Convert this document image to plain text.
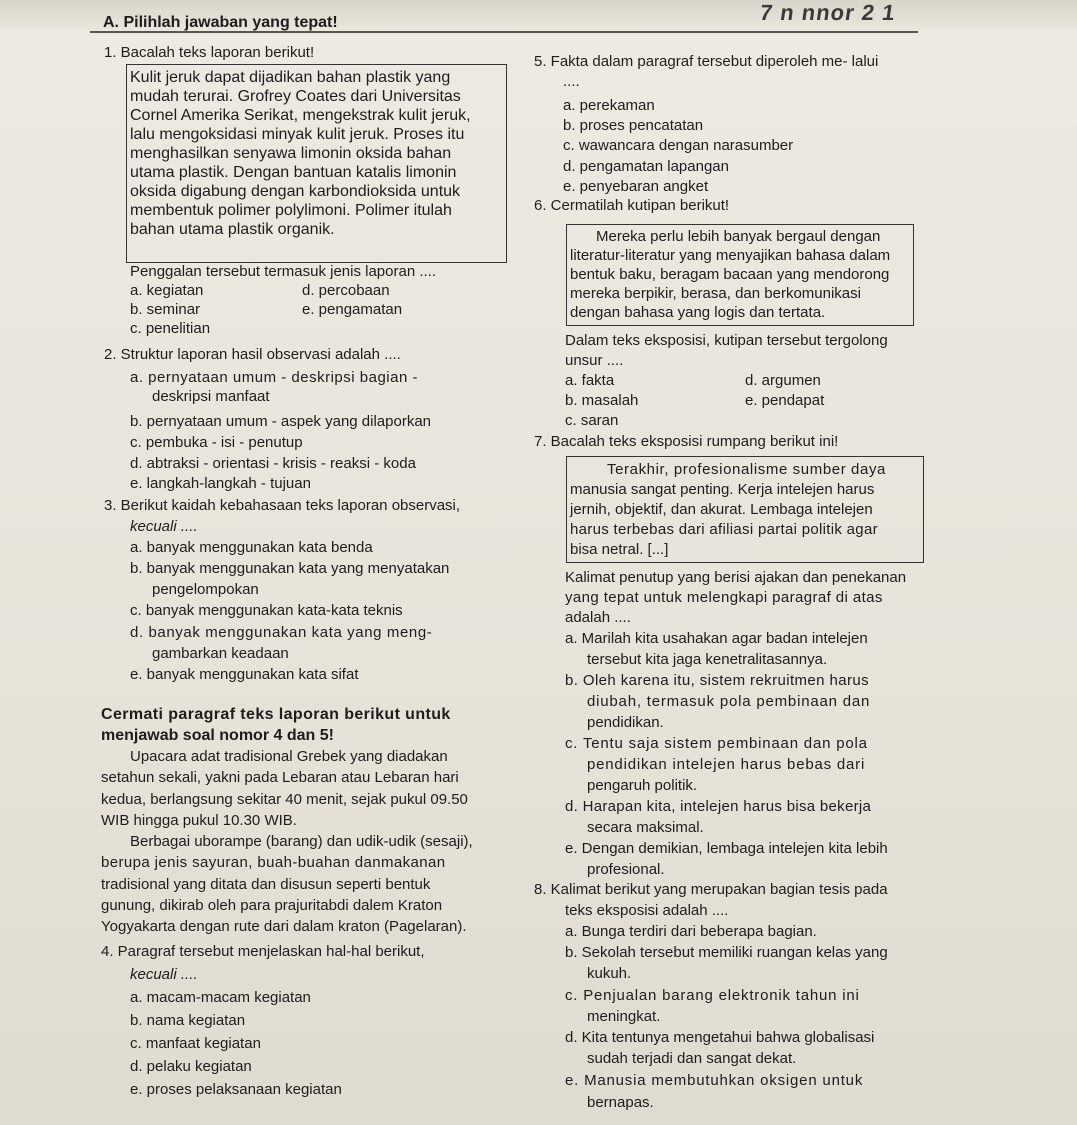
7 n nnor 2 1
A. Pilihlah jawaban yang tepat!
1. Bacalah teks laporan berikut!
Kulit jeruk dapat dijadikan bahan plastik yang
mudah terurai. Grofrey Coates dari Universitas
Cornel Amerika Serikat, mengekstrak kulit jeruk,
lalu mengoksidasi minyak kulit jeruk. Proses itu
menghasilkan senyawa limonin oksida bahan
utama plastik. Dengan bantuan katalis limonin
oksida digabung dengan karbondioksida untuk
membentuk polimer polylimoni. Polimer itulah
bahan utama plastik organik.
Penggalan tersebut termasuk jenis laporan ....
a. kegiatan	d. percobaan
b. seminar	e. pengamatan
c. penelitian
2. Struktur laporan hasil observasi adalah ....
a. pernyataan umum - deskripsi bagian -
deskripsi manfaat
b. pernyataan umum - aspek yang dilaporkan
c. pembuka - isi - penutup
d. abtraksi - orientasi - krisis - reaksi - koda
e. langkah-langkah - tujuan
3. Berikut kaidah kebahasaan teks laporan observasi,
kecuali ....
a. banyak menggunakan kata benda
b. banyak menggunakan kata yang menyatakan
pengelompokan
c. banyak menggunakan kata-kata teknis
d. banyak menggunakan kata yang meng-
gambarkan keadaan
e. banyak menggunakan kata sifat
Cermati paragraf teks laporan berikut untuk
menjawab soal nomor 4 dan 5!
Upacara adat tradisional Grebek yang diadakan
setahun sekali, yakni pada Lebaran atau Lebaran hari
kedua, berlangsung sekitar 40 menit, sejak pukul 09.50
WIB hingga pukul 10.30 WIB.
Berbagai uborampe (barang) dan udik-udik (sesaji),
berupa jenis sayuran, buah-buahan danmakanan
tradisional yang ditata dan disusun seperti bentuk
gunung, dikirab oleh para prajuritabdi dalem Kraton
Yogyakarta dengan rute dari dalam kraton (Pagelaran).
4. Paragraf tersebut menjelaskan hal-hal berikut,
kecuali ....
a. macam-macam kegiatan
b. nama kegiatan
c. manfaat kegiatan
d. pelaku kegiatan
e. proses pelaksanaan kegiatan
5. Fakta dalam paragraf tersebut diperoleh me- lalui
....
a. perekaman
b. proses pencatatan
c. wawancara dengan narasumber
d. pengamatan lapangan
e. penyebaran angket
6. Cermatilah kutipan berikut!
Mereka perlu lebih banyak bergaul dengan
literatur-literatur yang menyajikan bahasa dalam
bentuk baku, beragam bacaan yang mendorong
mereka berpikir, berasa, dan berkomunikasi
dengan bahasa yang logis dan tertata.
Dalam teks eksposisi, kutipan tersebut tergolong
unsur ....
a. fakta	d. argumen
b. masalah	e. pendapat
c. saran
7. Bacalah teks eksposisi rumpang berikut ini!
Terakhir, profesionalisme sumber daya
manusia sangat penting. Kerja intelejen harus
jernih, objektif, dan akurat. Lembaga intelejen
harus terbebas dari afiliasi partai politik agar
bisa netral. [...]
Kalimat penutup yang berisi ajakan dan penekanan
yang tepat untuk melengkapi paragraf di atas
adalah ....
a. Marilah kita usahakan agar badan intelejen
tersebut kita jaga kenetralitasannya.
b. Oleh karena itu, sistem rekruitmen harus
diubah, termasuk pola pembinaan dan
pendidikan.
c. Tentu saja sistem pembinaan dan pola
pendidikan intelejen harus bebas dari
pengaruh politik.
d. Harapan kita, intelejen harus bisa bekerja
secara maksimal.
e. Dengan demikian, lembaga intelejen kita lebih
profesional.
8. Kalimat berikut yang merupakan bagian tesis pada
teks eksposisi adalah ....
a. Bunga terdiri dari beberapa bagian.
b. Sekolah tersebut memiliki ruangan kelas yang
kukuh.
c. Penjualan barang elektronik tahun ini
meningkat.
d. Kita tentunya mengetahui bahwa globalisasi
sudah terjadi dan sangat dekat.
e. Manusia membutuhkan oksigen untuk
bernapas.
